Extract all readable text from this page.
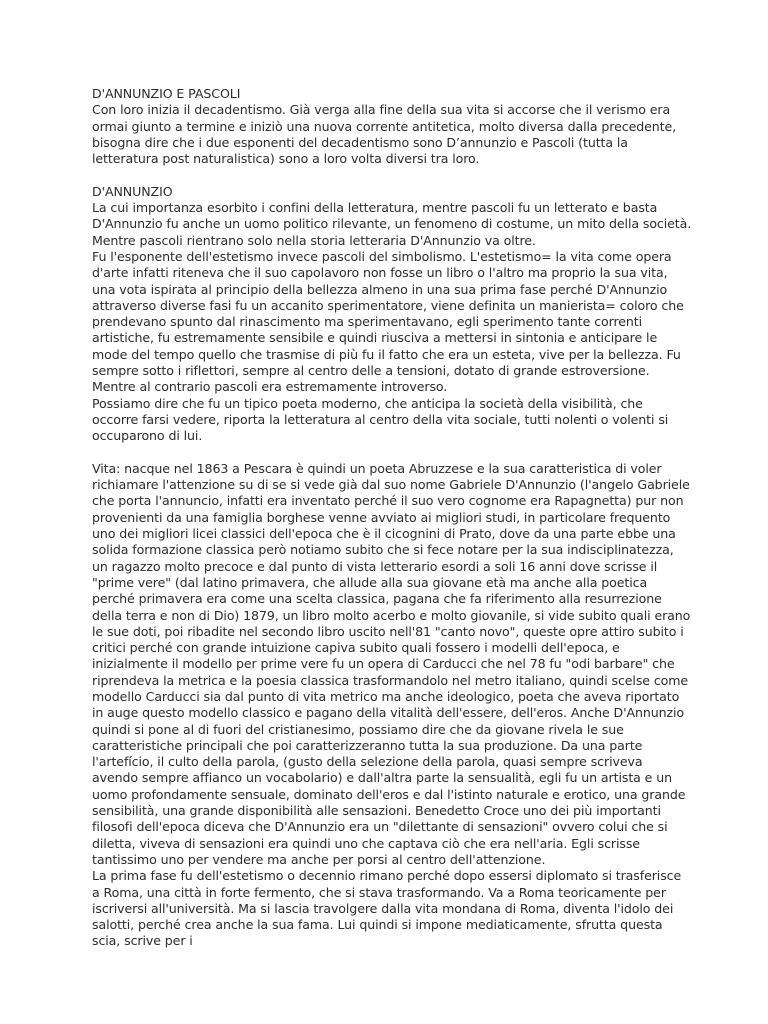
D'ANNUNZIO E PASCOLI

Con loro inizia il decadentismo. Già verga alla fine della sua vita si accorse che il verismo era ormai giunto a termine e iniziò una nuova corrente antitetica, molto diversa dalla precedente, bisogna dire che i due esponenti del decadentismo sono D’annunzio e Pascoli (tutta la letteratura post naturalistica) sono a loro volta diversi tra loro.

D'ANNUNZIO

La cui importanza esorbito i confini della letteratura, mentre pascoli fu un letterato e basta D'Annunzio fu anche un uomo politico rilevante, un fenomeno di costume, un mito della società. Mentre pascoli rientrano solo nella storia letteraria D'Annunzio va oltre.

Fu l'esponente dell'estetismo invece pascoli del simbolismo. L'estetismo= la vita come opera d'arte infatti riteneva che il suo capolavoro non fosse un libro o l'altro ma proprio la sua vita, una vota ispirata al principio della bellezza almeno in una sua prima fase perché D'Annunzio attraverso diverse fasi fu un accanito sperimentatore, viene definita un manierista= coloro che prendevano spunto dal rinascimento ma sperimentavano, egli sperimento tante correnti artistiche, fu estremamente sensibile e quindi riusciva a mettersi in sintonia e anticipare le mode del tempo quello che trasmise di più fu il fatto che era un esteta, vive per la bellezza. Fu sempre sotto i riflettori, sempre al centro delle a tensioni, dotato di grande estroversione. Mentre al contrario pascoli era estremamente introverso.

Possiamo dire che fu un tipico poeta moderno, che anticipa la società della visibilità, che occorre farsi vedere, riporta la letteratura al centro della vita sociale, tutti nolenti o volenti si occuparono di lui.

Vita: nacque nel 1863 a Pescara è quindi un poeta Abruzzese e la sua caratteristica di voler richiamare l'attenzione su di se si vede già dal suo nome Gabriele D'Annunzio (l'angelo Gabriele che porta l'annuncio, infatti era inventato perché il suo vero cognome era Rapagnetta) pur non provenienti da una famiglia borghese venne avviato ai migliori studi, in particolare frequento uno dei migliori licei classici dell'epoca che è il cicognini di Prato, dove da una parte ebbe una solida formazione classica però notiamo subito che si fece notare per la sua indisciplinatezza, un ragazzo molto precoce e dal punto di vista letterario esordi a soli 16 anni dove scrisse il "prime vere" (dal latino primavera, che allude alla sua giovane età ma anche alla poetica perché primavera era come una scelta classica, pagana che fa riferimento alla resurrezione della terra e non di Dio) 1879, un libro molto acerbo e molto giovanile, si vide subito quali erano le sue doti, poi ribadite nel secondo libro uscito nell'81 "canto novo", queste opre attiro subito i critici perché con grande intuizione capiva subito quali fossero i modelli dell'epoca, e inizialmente il modello per prime vere fu un opera di Carducci che nel 78 fu "odi barbare" che riprendeva la metrica e la poesia classica trasformandolo nel metro italiano, quindi scelse come modello Carducci sia dal punto di vita metrico ma anche ideologico, poeta che aveva riportato in auge questo modello classico e pagano della vitalità dell'essere, dell'eros. Anche D'Annunzio quindi si pone al di fuori del cristianesimo, possiamo dire che da giovane rivela le sue caratteristiche principali che poi caratterizzeranno tutta la sua produzione. Da una parte l'artefício, il culto della parola, (gusto della selezione della parola, quasi sempre scriveva avendo sempre affianco un vocabolario) e dall'altra parte la sensualità, egli fu un artista e un uomo profondamente sensuale, dominato dell'eros e dal l'istinto naturale e erotico, una grande sensibilità, una grande disponibilità alle sensazioni. Benedetto Croce uno dei più importanti filosofi dell'epoca diceva che D'Annunzio era un "dilettante di sensazioni" ovvero colui che si diletta, viveva di sensazioni era quindi uno che captava ciò che era nell'aria. Egli scrisse tantissimo uno per vendere ma anche per porsi al centro dell'attenzione.

La prima fase fu dell'estetismo o decennio rimano perché dopo essersi diplomato si trasferisce a Roma, una città in forte fermento, che si stava trasformando. Va a Roma teoricamente per iscriversi all'università. Ma si lascia travolgere dalla vita mondana di Roma, diventa l'idolo dei salotti, perché crea anche la sua fama. Lui quindi si impone mediaticamente, sfrutta questa scia, scrive per i
